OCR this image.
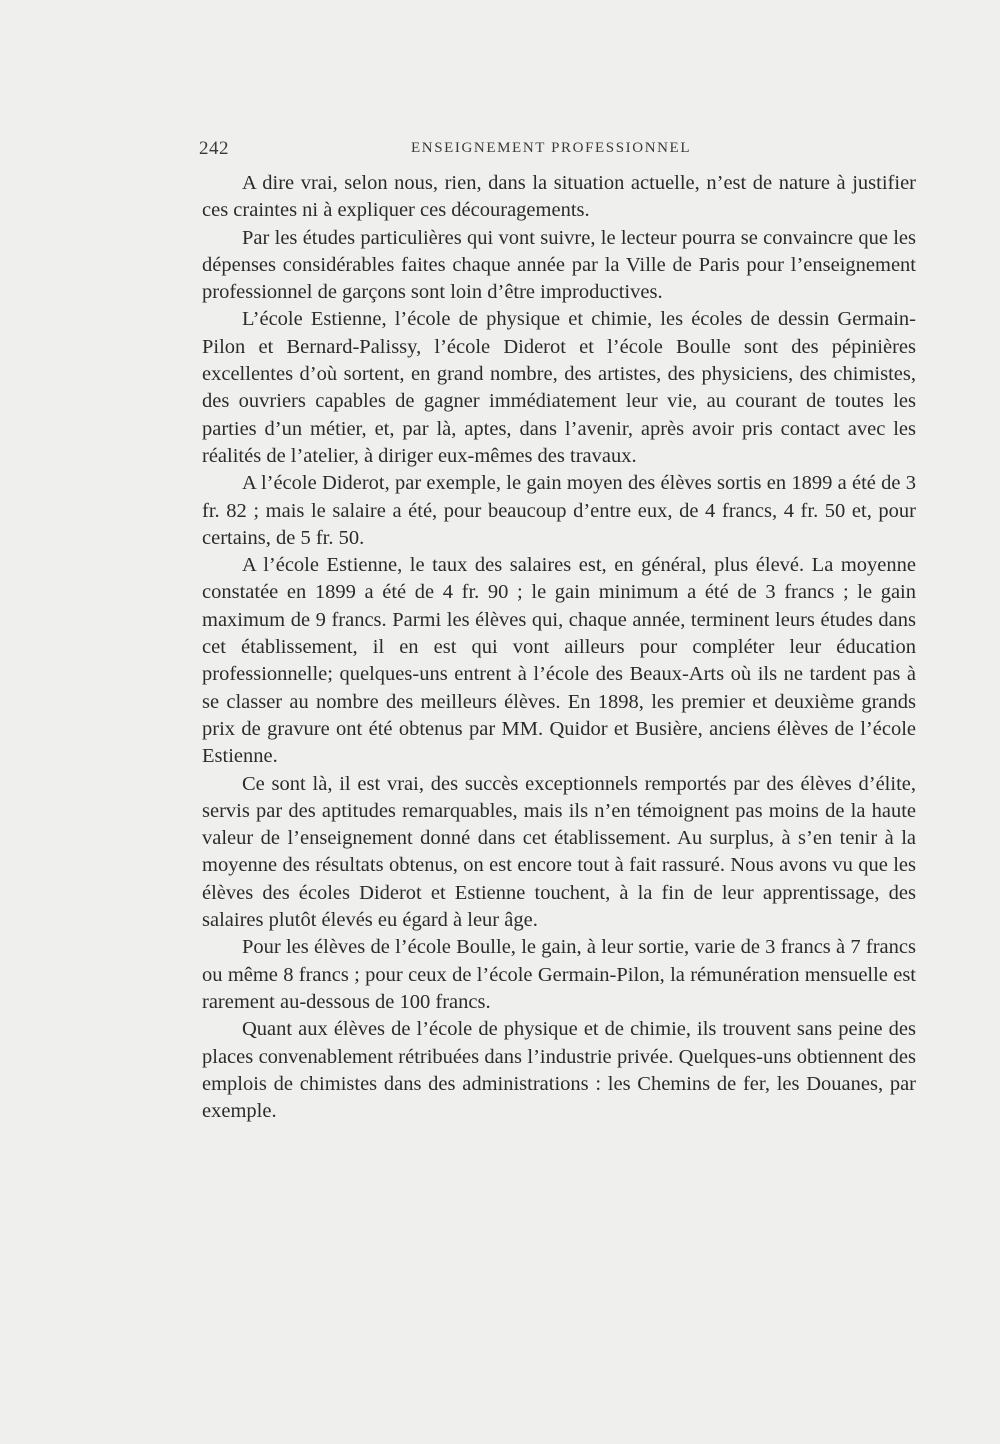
242	ENSEIGNEMENT PROFESSIONNEL

A dire vrai, selon nous, rien, dans la situation actuelle, n’est de nature à justifier ces craintes ni à expliquer ces découragements.

Par les études particulières qui vont suivre, le lecteur pourra se convaincre que les dépenses considérables faites chaque année par la Ville de Paris pour l’enseignement professionnel de garçons sont loin d’être improductives.

L’école Estienne, l’école de physique et chimie, les écoles de dessin Germain-Pilon et Bernard-Palissy, l’école Diderot et l’école Boulle sont des pépinières excellentes d’où sortent, en grand nombre, des artistes, des physiciens, des chimistes, des ouvriers capables de gagner immédiatement leur vie, au courant de toutes les parties d’un métier, et, par là, aptes, dans l’avenir, après avoir pris contact avec les réalités de l’atelier, à diriger eux-mêmes des travaux.

A l’école Diderot, par exemple, le gain moyen des élèves sortis en 1899 a été de 3 fr. 82 ; mais le salaire a été, pour beaucoup d’entre eux, de 4 francs, 4 fr. 50 et, pour certains, de 5 fr. 50.

A l’école Estienne, le taux des salaires est, en général, plus élevé. La moyenne constatée en 1899 a été de 4 fr. 90 ; le gain minimum a été de 3 francs ; le gain maximum de 9 francs. Parmi les élèves qui, chaque année, terminent leurs études dans cet établissement, il en est qui vont ailleurs pour compléter leur éducation professionnelle; quelques-uns entrent à l’école des Beaux-Arts où ils ne tardent pas à se classer au nombre des meilleurs élèves. En 1898, les premier et deuxième grands prix de gravure ont été obtenus par MM. Quidor et Busière, anciens élèves de l’école Estienne.

Ce sont là, il est vrai, des succès exceptionnels remportés par des élèves d’élite, servis par des aptitudes remarquables, mais ils n’en témoignent pas moins de la haute valeur de l’enseignement donné dans cet établissement. Au surplus, à s’en tenir à la moyenne des résultats obtenus, on est encore tout à fait rassuré. Nous avons vu que les élèves des écoles Diderot et Estienne touchent, à la fin de leur apprentissage, des salaires plutôt élevés eu égard à leur âge.

Pour les élèves de l’école Boulle, le gain, à leur sortie, varie de 3 francs à 7 francs ou même 8 francs ; pour ceux de l’école Germain-Pilon, la rémunération mensuelle est rarement au-dessous de 100 francs.

Quant aux élèves de l’école de physique et de chimie, ils trouvent sans peine des places convenablement rétribuées dans l’industrie privée. Quelques-uns obtiennent des emplois de chimistes dans des administrations : les Chemins de fer, les Douanes, par exemple.
